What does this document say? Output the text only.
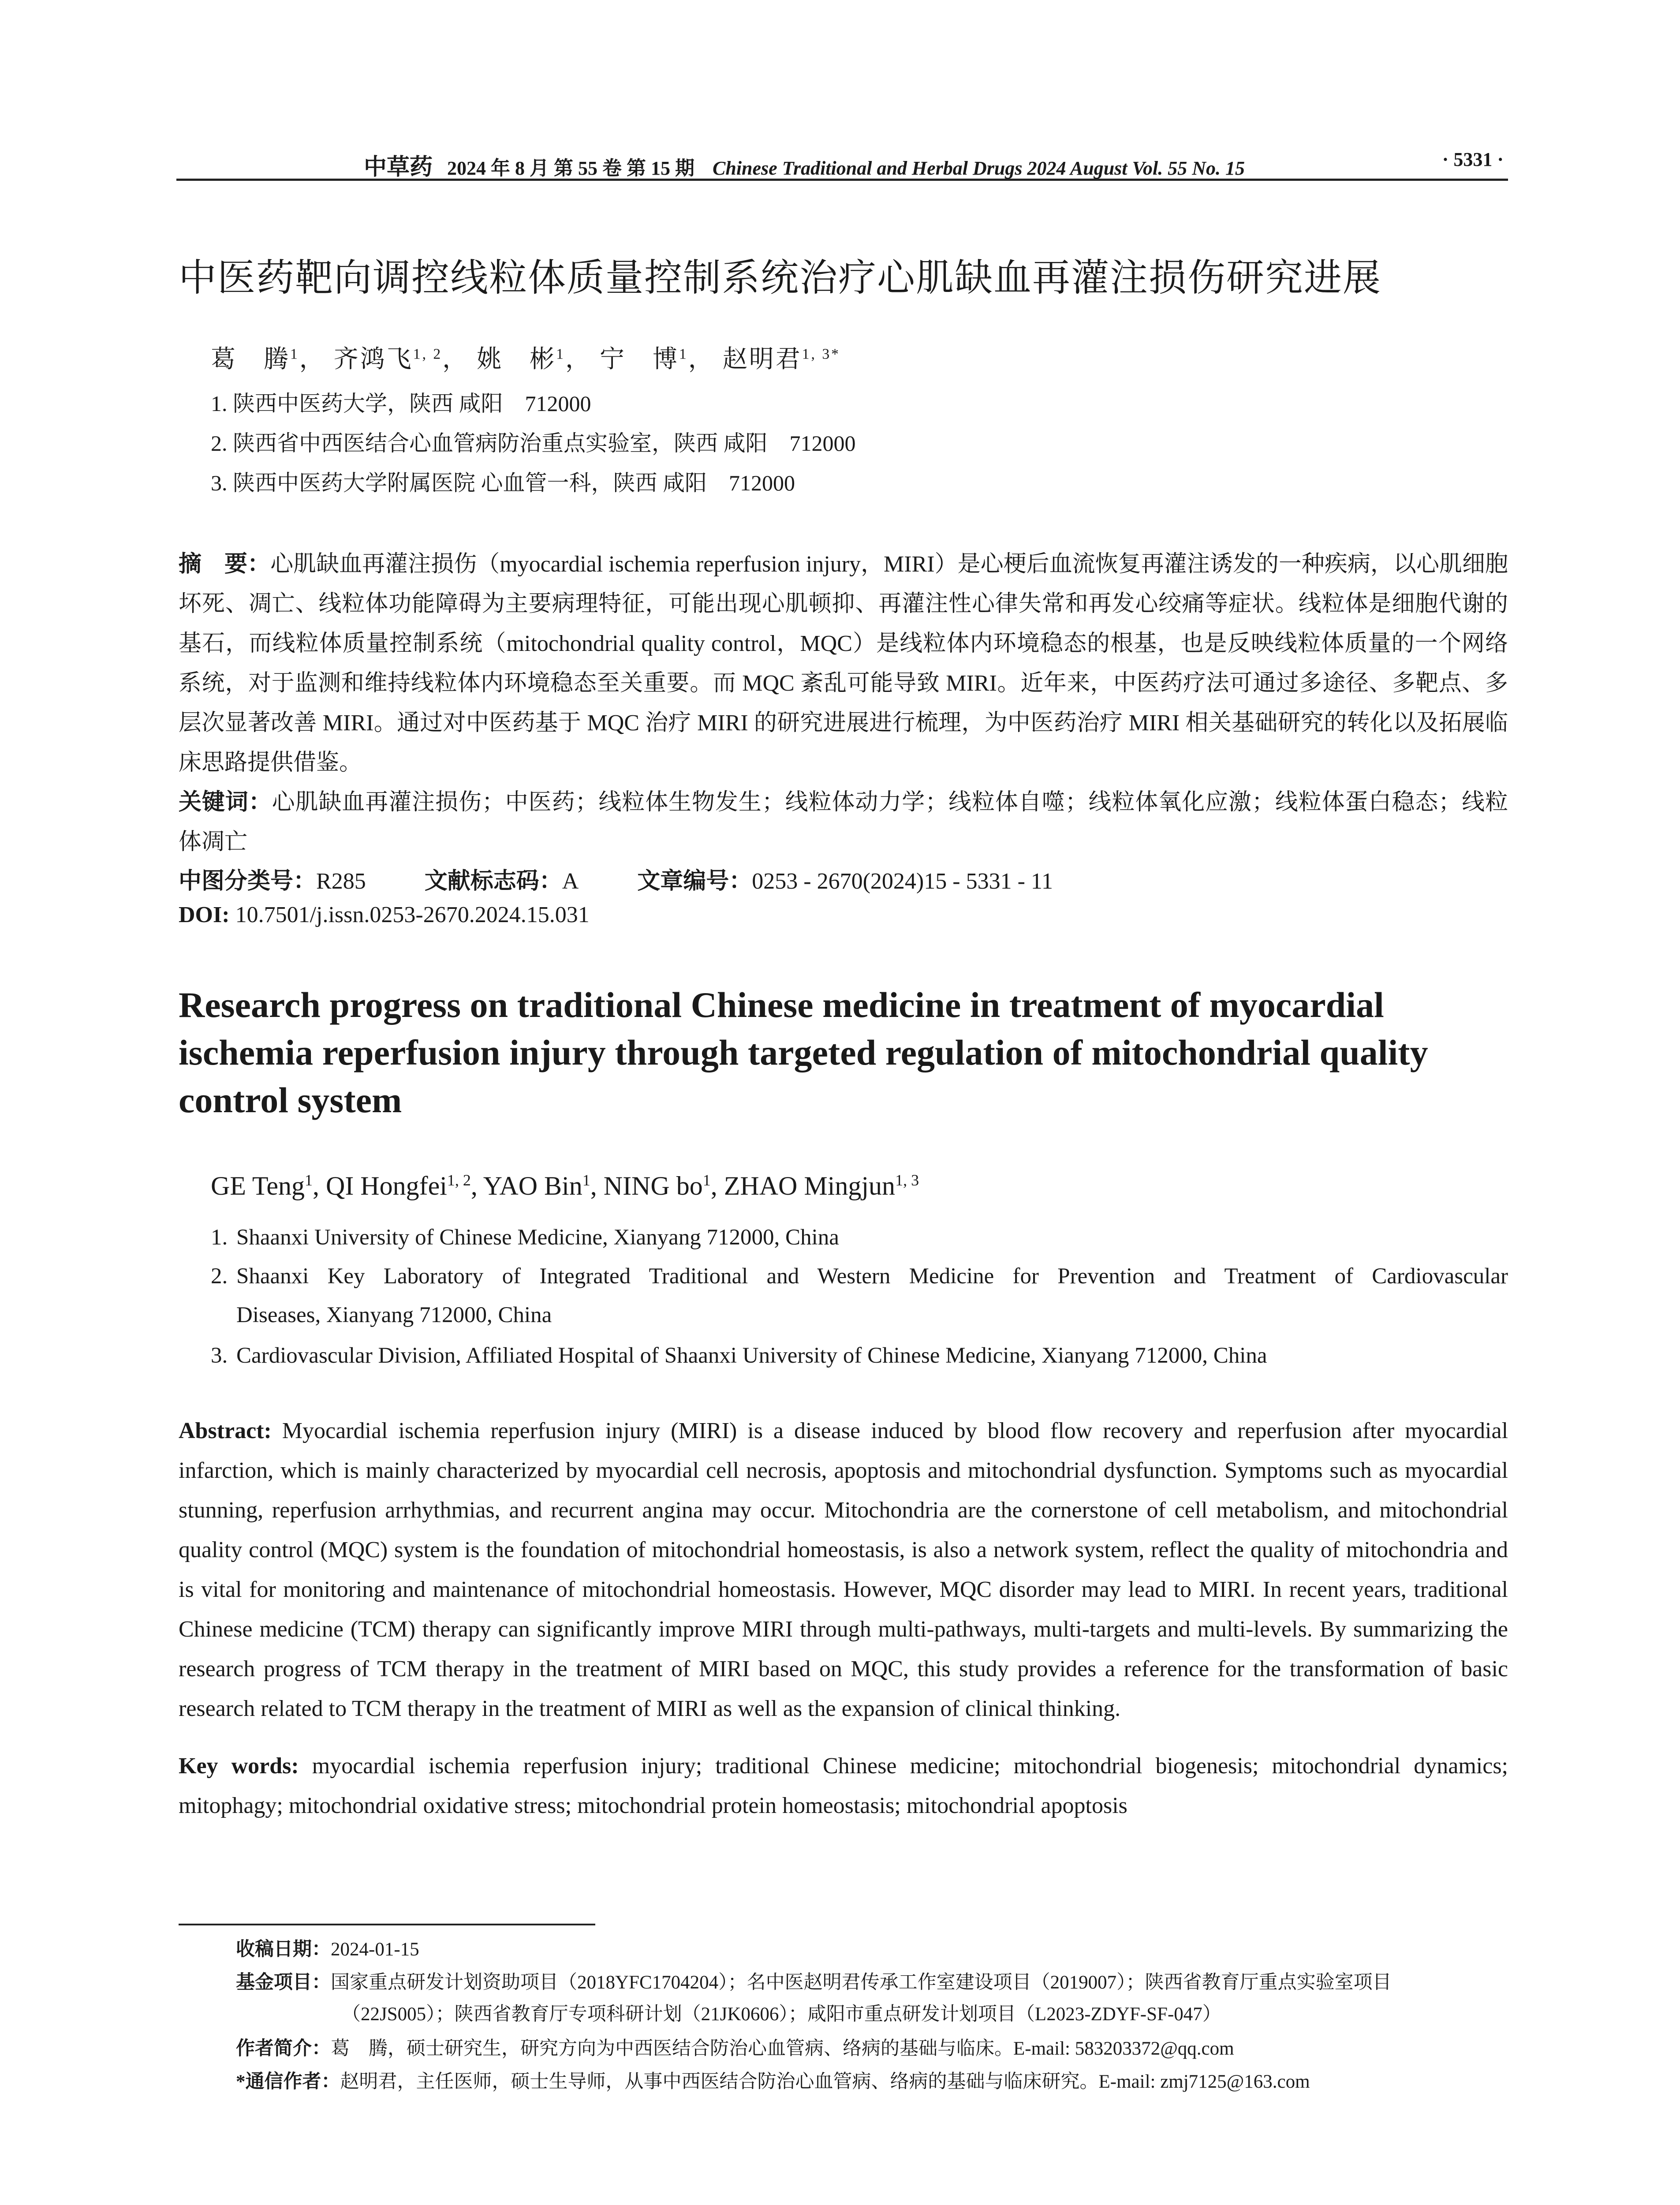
中草药 2024 年 8 月 第 55 卷 第 15 期 Chinese Traditional and Herbal Drugs 2024 August Vol. 55 No. 15	· 5331 ·
中医药靶向调控线粒体质量控制系统治疗心肌缺血再灌注损伤研究进展
葛　腾$^1$， 齐鸿飞$^{1, 2}$， 姚　彬$^1$， 宁　博$^1$， 赵明君$^{1, 3*}$
1. 陕西中医药大学，陕西 咸阳　712000
2. 陕西省中西医结合心血管病防治重点实验室，陕西 咸阳　712000
3. 陕西中医药大学附属医院 心血管一科，陕西 咸阳　712000
摘　要：心肌缺血再灌注损伤（myocardial ischemia reperfusion injury，MIRI）是心梗后血流恢复再灌注诱发的一种疾病，以心肌细胞坏死、凋亡、线粒体功能障碍为主要病理特征，可能出现心肌顿抑、再灌注性心律失常和再发心绞痛等症状。线粒体是细胞代谢的基石，而线粒体质量控制系统（mitochondrial quality control，MQC）是线粒体内环境稳态的根基，也是反映线粒体质量的一个网络系统，对于监测和维持线粒体内环境稳态至关重要。而 MQC 紊乱可能导致 MIRI。近年来，中医药疗法可通过多途径、多靶点、多层次显著改善 MIRI。通过对中医药基于 MQC 治疗 MIRI 的研究进展进行梳理，为中医药治疗 MIRI 相关基础研究的转化以及拓展临床思路提供借鉴。
关键词：心肌缺血再灌注损伤；中医药；线粒体生物发生；线粒体动力学；线粒体自噬；线粒体氧化应激；线粒体蛋白稳态；线粒体凋亡
中图分类号：R285	文献标志码：A	文章编号：0253 - 2670(2024)15 - 5331 - 11
DOI: 10.7501/j.issn.0253-2670.2024.15.031
Research progress on traditional Chinese medicine in treatment of myocardial ischemia reperfusion injury through targeted regulation of mitochondrial quality control system
GE Teng$^1$, QI Hongfei$^{1, 2}$, YAO Bin$^1$, NING $bo^1$, ZHAO Mingjun$^{1, 3}$
1. Shaanxi University of Chinese Medicine, Xianyang 712000, China
2. Shaanxi Key Laboratory of Integrated Traditional and Western Medicine for Prevention and Treatment of Cardiovascular
Diseases, Xianyang 712000, China
3. Cardiovascular Division, Affiliated Hospital of Shaanxi University of Chinese Medicine, Xianyang 712000, China
Abstract: Myocardial ischemia reperfusion injury (MIRI) is a disease induced by blood flow recovery and reperfusion after myocardial infarction, which is mainly characterized by myocardial cell necrosis, apoptosis and mitochondrial dysfunction. Symptoms such as myocardial stunning, reperfusion arrhythmias, and recurrent angina may occur. Mitochondria are the cornerstone of cell metabolism, and mitochondrial quality control (MQC) system is the foundation of mitochondrial homeostasis, is also a network system, reflect the quality of mitochondria and is vital for monitoring and maintenance of mitochondrial homeostasis. However, MQC disorder may lead to MIRI. In recent years, traditional Chinese medicine (TCM) therapy can significantly improve MIRI through multi-pathways, multi-targets and multi-levels. By summarizing the research progress of TCM therapy in the treatment of MIRI based on MQC, this study provides a reference for the transformation of basic research related to TCM therapy in the treatment of MIRI as well as the expansion of clinical thinking.
Key words: myocardial ischemia reperfusion injury; traditional Chinese medicine; mitochondrial biogenesis; mitochondrial dynamics; mitophagy; mitochondrial oxidative stress; mitochondrial protein homeostasis; mitochondrial apoptosis
收稿日期：2024-01-15
基金项目：国家重点研发计划资助项目（2018YFC1704204）；名中医赵明君传承工作室建设项目（2019007）；陕西省教育厅重点实验室项目
（22JS005）；陕西省教育厅专项科研计划（21JK0606）；咸阳市重点研发计划项目（L2023-ZDYF-SF-047）
作者简介：葛　腾，硕士研究生，研究方向为中西医结合防治心血管病、络病的基础与临床。E-mail: 583203372@qq.com
*通信作者：赵明君，主任医师，硕士生导师，从事中西医结合防治心血管病、络病的基础与临床研究。E-mail: zmj7125@163.com
